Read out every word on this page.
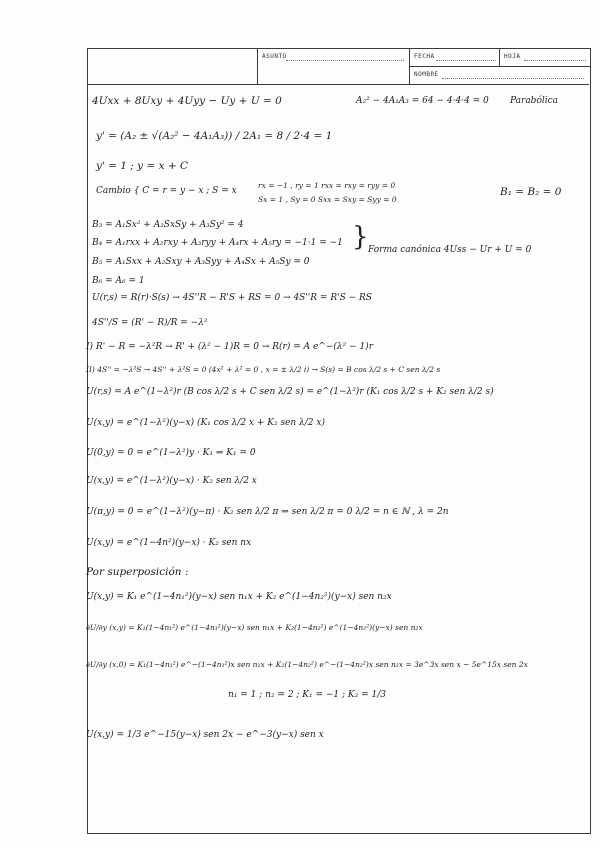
ASUNTO	FECHA	HOJA
NOMBRE
4Uxx + 8Uxy + 4Uyy − Uy + U = 0	A₂² − 4A₁A₃ = 64 − 4·4·4 = 0 Parabólica
y' = (A₂ ± √(A₂² − 4A₁A₃)) / 2A₁ = 8 / 2·4 = 1
y' = 1 ; y = x + C
Cambio { C = r = y − x ; S = x
rx = −1 , ry = 1 rxx = rxy = ryy = 0
Sx = 1 , Sy = 0 Sxx = Sxy = Syy = 0
B₁ = B₂ = 0
B₃ = A₁Sx² + A₂SxSy + A₃Sy² = 4
B₄ = A₁rxx + A₂rxy + A₃ryy + A₄rx + A₅ry = −1·1 = −1 } Forma canónica 4Uss − Ur + U = 0
B₅ = A₁Sxx + A₂Sxy + A₃Syy + A₄Sx + A₅Sy = 0
B₆ = A₆ = 1
U(r,s) = R(r)·S(s) → 4S''R − R'S + RS = 0 → 4S''R = R'S − RS
4S''/S = (R' − R)/R = −λ²
I) R' − R = −λ²R → R' + (λ² − 1)R = 0 → R(r) = A e^−(λ² − 1)r
II) 4S'' = −λ²S → 4S'' + λ²S = 0 (4x² + λ² = 0 , x = ± λ/2 i) → S(s) = B cos λ/2 s + C sen λ/2 s
U(r,s) = A e^(1−λ²)r (B cos λ/2 s + C sen λ/2 s) = e^(1−λ²)r (K₁ cos λ/2 s + K₂ sen λ/2 s)
U(x,y) = e^(1−λ²)(y−x) (K₁ cos λ/2 x + K₂ sen λ/2 x)
U(0,y) = 0 = e^(1−λ²)y · K₁ ⇒ K₁ = 0
U(x,y) = e^(1−λ²)(y−x) · K₂ sen λ/2 x
U(π,y) = 0 = e^(1−λ²)(y−π) · K₂ sen λ/2 π ⇒ sen λ/2 π = 0 λ/2 = n ∈ ℕ , λ = 2n
U(x,y) = e^(1−4n²)(y−x) · K₂ sen nx
Por superposición :
U(x,y) = K₁ e^(1−4n₁²)(y−x) sen n₁x + K₂ e^(1−4n₂²)(y−x) sen n₂x
∂U/∂y (x,y) = K₁(1−4n₁²) e^(1−4n₁²)(y−x) sen n₁x + K₂(1−4n₂²) e^(1−4n₂²)(y−x) sen n₂x
∂U/∂y (x,0) = K₁(1−4n₁²) e^−(1−4n₁²)x sen n₁x + K₂(1−4n₂²) e^−(1−4n₂²)x sen n₂x = 3e^3x sen x − 5e^15x sen 2x
n₁ = 1 ; n₂ = 2 ; K₁ = −1 ; K₂ = 1/3
U(x,y) = 1/3 e^−15(y−x) sen 2x − e^−3(y−x) sen x
